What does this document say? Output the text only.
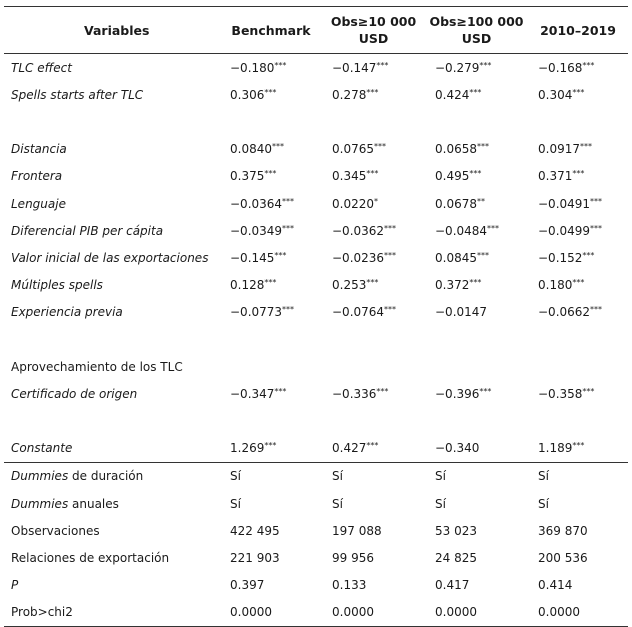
Variables	Benchmark	Obs≥10 000 USD	Obs≥100 000 USD	2010–2019
TLC effect	−0.180***	−0.147***	−0.279***	−0.168***
Spells starts after TLC	0.306***	0.278***	0.424***	0.304***

Distancia	0.0840***	0.0765***	0.0658***	0.0917***
Frontera	0.375***	0.345***	0.495***	0.371***
Lenguaje	−0.0364***	0.0220*	0.0678**	−0.0491***
Diferencial PIB per cápita	−0.0349***	−0.0362***	−0.0484***	−0.0499***
Valor inicial de las exportaciones	−0.145***	−0.0236***	0.0845***	−0.152***
Múltiples spells	0.128***	0.253***	0.372***	0.180***
Experiencia previa	−0.0773***	−0.0764***	−0.0147	−0.0662***

Aprovechamiento de los TLC				
Certificado de origen	−0.347***	−0.336***	−0.396***	−0.358***

Constante	1.269***	0.427***	−0.340	1.189***
Dummies de duración	Sí	Sí	Sí	Sí
Dummies anuales	Sí	Sí	Sí	Sí
Observaciones	422 495	197 088	53 023	369 870
Relaciones de exportación	221 903	99 956	24 825	200 536
P	0.397	0.133	0.417	0.414
Prob>chi2	0.0000	0.0000	0.0000	0.0000
